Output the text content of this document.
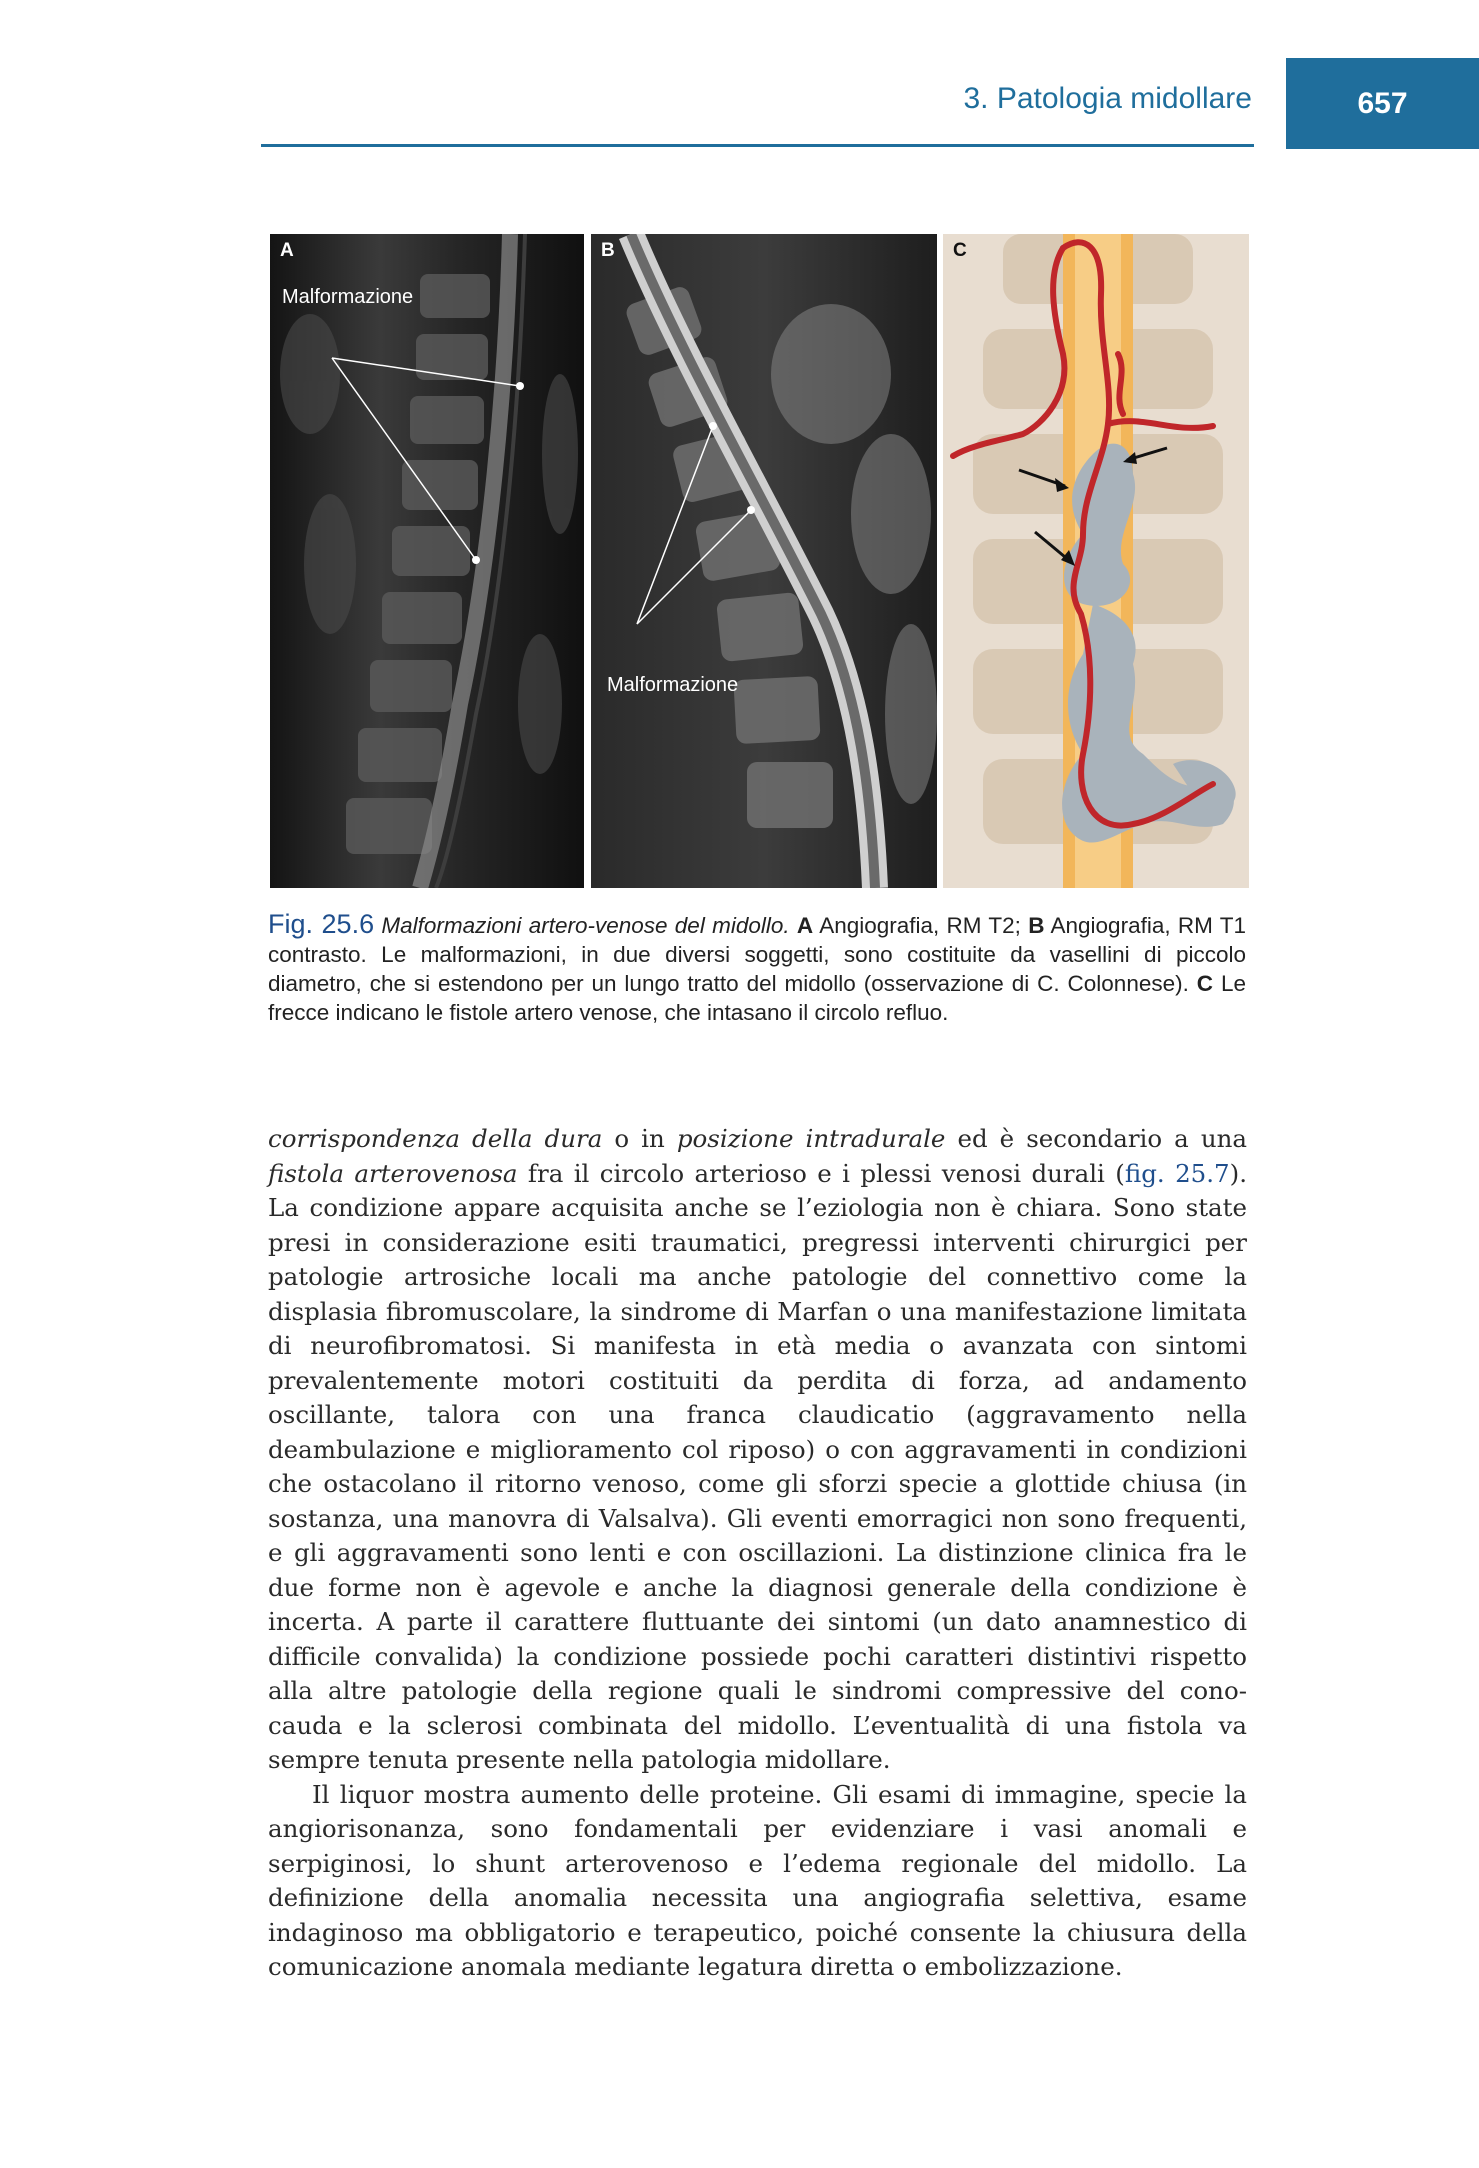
3. Patologia midollare	657
A
Malformazione
B
Malformazione
C
Fig. 25.6 Malformazioni artero-venose del midollo. A Angiografia, RM T2; B Angiografia, RM T1 contrasto. Le malformazioni, in due diversi soggetti, sono costituite da vasellini di piccolo diametro, che si estendono per un lungo tratto del midollo (osservazione di C. Colonnese). C Le frecce indicano le fistole artero venose, che intasano il circolo refluo.

corrispondenza della dura o in posizione intradurale ed è secondario a una fistola arterovenosa fra il circolo arterioso e i plessi venosi durali (fig. 25.7). La condizione appare acquisita anche se l’eziologia non è chiara. Sono state presi in considerazione esiti traumatici, pregressi interventi chirurgici per patologie artrosiche locali ma anche patologie del connettivo come la displasia fibromuscolare, la sindrome di Marfan o una manifestazione limitata di neurofibromatosi. Si manifesta in età media o avanzata con sintomi prevalentemente motori costituiti da perdita di forza, ad andamento oscillante, talora con una franca claudicatio (aggravamento nella deambulazione e miglioramento col riposo) o con aggravamenti in condizioni che ostacolano il ritorno venoso, come gli sforzi specie a glottide chiusa (in sostanza, una manovra di Valsalva). Gli eventi emorragici non sono frequenti, e gli aggravamenti sono lenti e con oscillazioni. La distinzione clinica fra le due forme non è agevole e anche la diagnosi generale della condizione è incerta. A parte il carattere fluttuante dei sintomi (un dato anamnestico di difficile convalida) la condizione possiede pochi caratteri distintivi rispetto alla altre patologie della regione quali le sindromi compressive del cono-cauda e la sclerosi combinata del midollo. L’eventualità di una fistola va sempre tenuta presente nella patologia midollare.

Il liquor mostra aumento delle proteine. Gli esami di immagine, specie la angiorisonanza, sono fondamentali per evidenziare i vasi anomali e serpiginosi, lo shunt arterovenoso e l’edema regionale del midollo. La definizione della anomalia necessita una angiografia selettiva, esame indaginoso ma obbligatorio e terapeutico, poiché consente la chiusura della comunicazione anomala mediante legatura diretta o embolizzazione.
